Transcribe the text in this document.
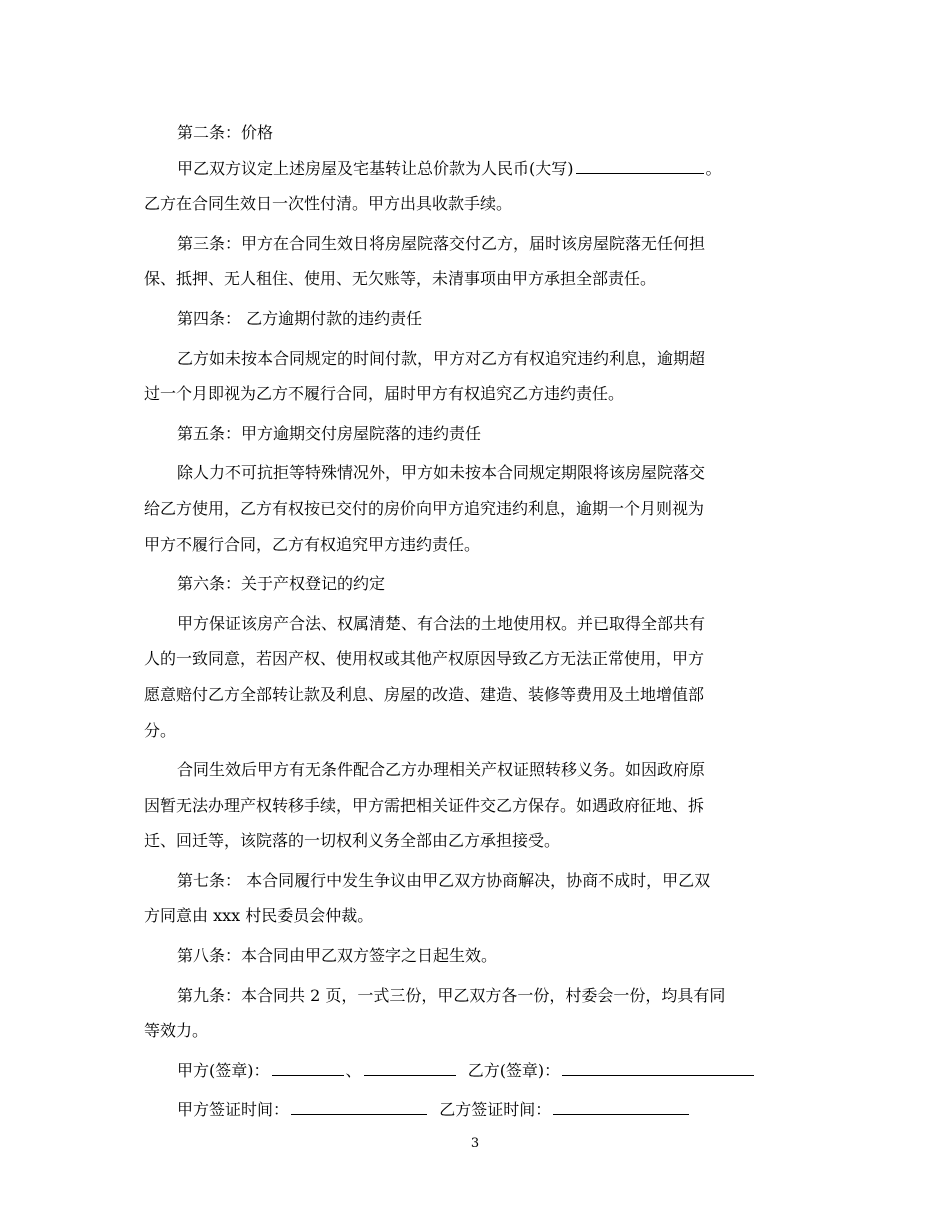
第二条：价格
甲乙双方议定上述房屋及宅基转让总价款为人民币(大写)	。
乙方在合同生效日一次性付清。甲方出具收款手续。
第三条：甲方在合同生效日将房屋院落交付乙方，届时该房屋院落无任何担
保、抵押、无人租住、使用、无欠账等，未清事项由甲方承担全部责任。
第四条： 乙方逾期付款的违约责任
乙方如未按本合同规定的时间付款，甲方对乙方有权追究违约利息，逾期超
过一个月即视为乙方不履行合同，届时甲方有权追究乙方违约责任。
第五条：甲方逾期交付房屋院落的违约责任
除人力不可抗拒等特殊情况外，甲方如未按本合同规定期限将该房屋院落交
给乙方使用，乙方有权按已交付的房价向甲方追究违约利息，逾期一个月则视为
甲方不履行合同，乙方有权追究甲方违约责任。
第六条：关于产权登记的约定
甲方保证该房产合法、权属清楚、有合法的土地使用权。并已取得全部共有
人的一致同意，若因产权、使用权或其他产权原因导致乙方无法正常使用，甲方
愿意赔付乙方全部转让款及利息、房屋的改造、建造、装修等费用及土地增值部
分。
合同生效后甲方有无条件配合乙方办理相关产权证照转移义务。如因政府原
因暂无法办理产权转移手续，甲方需把相关证件交乙方保存。如遇政府征地、拆
迁、回迁等，该院落的一切权利义务全部由乙方承担接受。
第七条： 本合同履行中发生争议由甲乙双方协商解决，协商不成时，甲乙双
方同意由 xxx 村民委员会仲裁。
第八条：本合同由甲乙双方签字之日起生效。
第九条：本合同共 2 页，一式三份，甲乙双方各一份，村委会一份，均具有同
等效力。
甲方(签章)：	、	乙方(签章)：
甲方签证时间：	乙方签证时间：
3
